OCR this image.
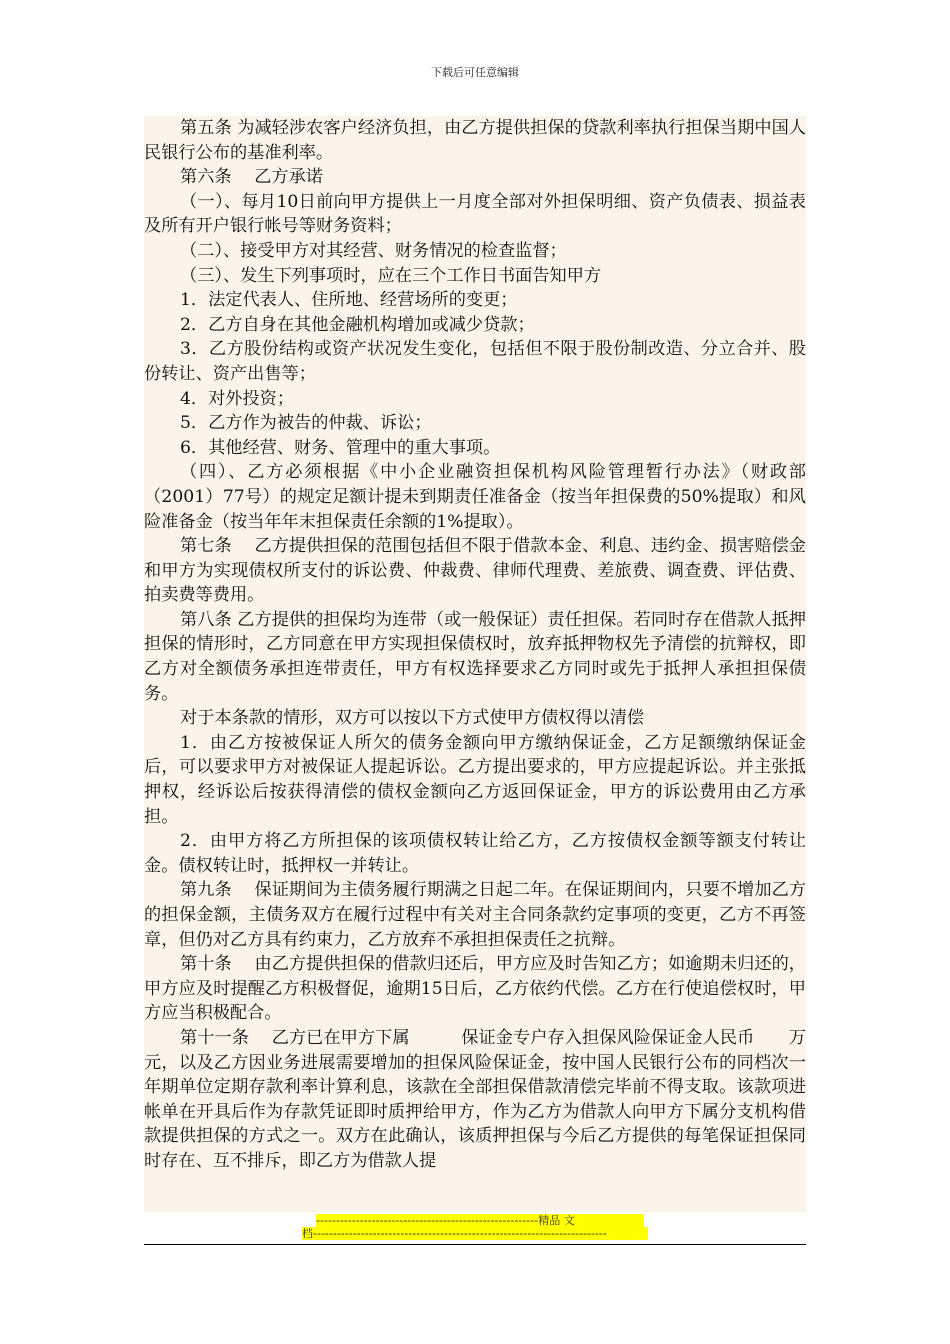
下载后可任意编辑

第五条 为减轻涉农客户经济负担，由乙方提供担保的贷款利率执行担保当期中国人民银行公布的基准利率。

第六条　 乙方承诺

（一）、每月10日前向甲方提供上一月度全部对外担保明细、资产负债表、损益表及所有开户银行帐号等财务资料；

（二）、接受甲方对其经营、财务情况的检查监督；

（三）、发生下列事项时，应在三个工作日书面告知甲方

1．法定代表人、住所地、经营场所的变更；

2．乙方自身在其他金融机构增加或减少贷款；

3．乙方股份结构或资产状况发生变化，包括但不限于股份制改造、分立合并、股份转让、资产出售等；

4．对外投资；

5．乙方作为被告的仲裁、诉讼；

6．其他经营、财务、管理中的重大事项。

（四）、乙方必须根据《中小企业融资担保机构风险管理暂行办法》（财政部（2001）77号）的规定足额计提未到期责任准备金（按当年担保费的50%提取）和风险准备金（按当年年末担保责任余额的1%提取）。

第七条　 乙方提供担保的范围包括但不限于借款本金、利息、违约金、损害赔偿金和甲方为实现债权所支付的诉讼费、仲裁费、律师代理费、差旅费、调查费、评估费、拍卖费等费用。

第八条 乙方提供的担保均为连带（或一般保证）责任担保。若同时存在借款人抵押担保的情形时，乙方同意在甲方实现担保债权时，放弃抵押物权先予清偿的抗辩权，即乙方对全额债务承担连带责任，甲方有权选择要求乙方同时或先于抵押人承担担保债务。

对于本条款的情形，双方可以按以下方式使甲方债权得以清偿

1．由乙方按被保证人所欠的债务金额向甲方缴纳保证金，乙方足额缴纳保证金后，可以要求甲方对被保证人提起诉讼。乙方提出要求的，甲方应提起诉讼。并主张抵押权，经诉讼后按获得清偿的债权金额向乙方返回保证金，甲方的诉讼费用由乙方承担。

2．由甲方将乙方所担保的该项债权转让给乙方，乙方按债权金额等额支付转让金。债权转让时，抵押权一并转让。

第九条　 保证期间为主债务履行期满之日起二年。在保证期间内，只要不增加乙方的担保金额，主债务双方在履行过程中有关对主合同条款约定事项的变更，乙方不再签章，但仍对乙方具有约束力，乙方放弃不承担担保责任之抗辩。

第十条　 由乙方提供担保的借款归还后，甲方应及时告知乙方；如逾期未归还的，甲方应及时提醒乙方积极督促，逾期15日后，乙方依约代偿。乙方在行使追偿权时，甲方应当积极配合。

第十一条　 乙方已在甲方下属　　　保证金专户存入担保风险保证金人民币　　万元，以及乙方因业务进展需要增加的担保风险保证金，按中国人民银行公布的同档次一年期单位定期存款利率计算利息，该款在全部担保借款清偿完毕前不得支取。该款项进帐单在开具后作为存款凭证即时质押给甲方，作为乙方为借款人向甲方下属分支机构借款提供担保的方式之一。双方在此确认，该质押担保与今后乙方提供的每笔保证担保同时存在、互不排斥，即乙方为借款人提

--------------------------------------------------------精品 文
档--------------------------------------------------------------------------
